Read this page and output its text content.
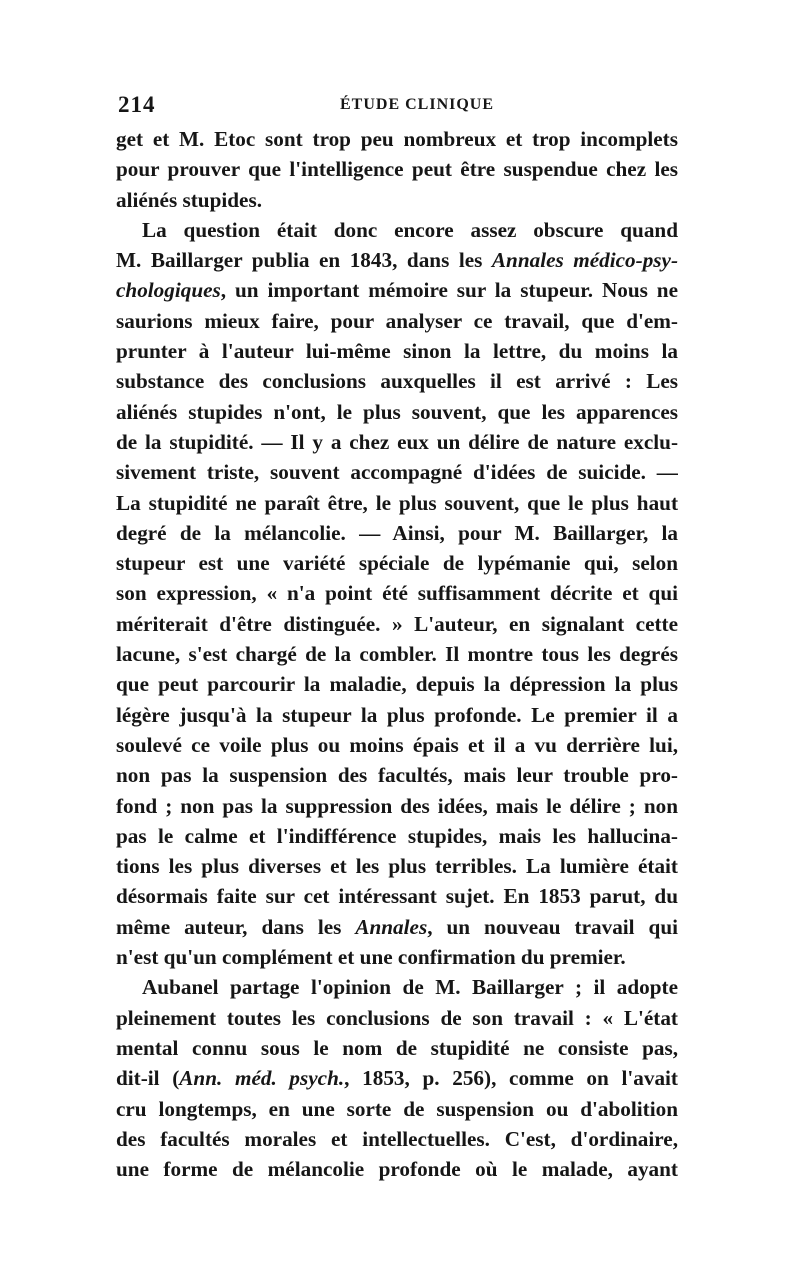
214	ÉTUDE CLINIQUE
get et M. Etoc sont trop peu nombreux et trop incomplets
pour prouver que l'intelligence peut être suspendue chez les
aliénés stupides.
La question était donc encore assez obscure quand
M. Baillarger publia en 1843, dans les Annales médico-psy-
chologiques, un important mémoire sur la stupeur. Nous ne
saurions mieux faire, pour analyser ce travail, que d'em-
prunter à l'auteur lui-même sinon la lettre, du moins la
substance des conclusions auxquelles il est arrivé : Les
aliénés stupides n'ont, le plus souvent, que les apparences
de la stupidité. — Il y a chez eux un délire de nature exclu-
sivement triste, souvent accompagné d'idées de suicide. —
La stupidité ne paraît être, le plus souvent, que le plus haut
degré de la mélancolie. — Ainsi, pour M. Baillarger, la
stupeur est une variété spéciale de lypémanie qui, selon
son expression, « n'a point été suffisamment décrite et qui
mériterait d'être distinguée. » L'auteur, en signalant cette
lacune, s'est chargé de la combler. Il montre tous les degrés
que peut parcourir la maladie, depuis la dépression la plus
légère jusqu'à la stupeur la plus profonde. Le premier il a
soulevé ce voile plus ou moins épais et il a vu derrière lui,
non pas la suspension des facultés, mais leur trouble pro-
fond ; non pas la suppression des idées, mais le délire ; non
pas le calme et l'indifférence stupides, mais les hallucina-
tions les plus diverses et les plus terribles. La lumière était
désormais faite sur cet intéressant sujet. En 1853 parut, du
même auteur, dans les Annales, un nouveau travail qui
n'est qu'un complément et une confirmation du premier.
Aubanel partage l'opinion de M. Baillarger ; il adopte
pleinement toutes les conclusions de son travail : « L'état
mental connu sous le nom de stupidité ne consiste pas,
dit-il (Ann. méd. psych., 1853, p. 256), comme on l'avait
cru longtemps, en une sorte de suspension ou d'abolition
des facultés morales et intellectuelles. C'est, d'ordinaire,
une forme de mélancolie profonde où le malade, ayant
